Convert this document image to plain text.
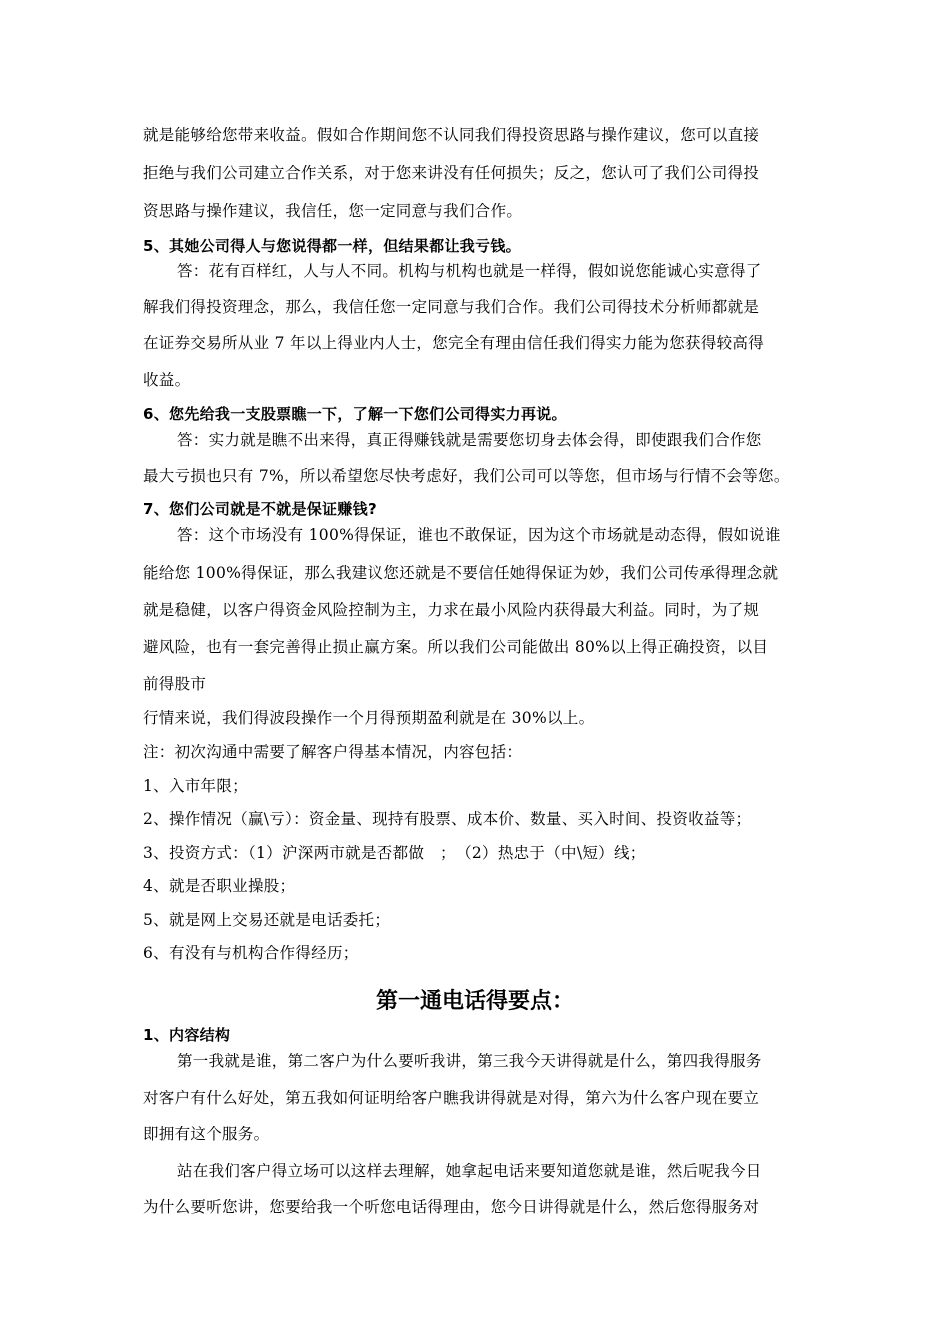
就是能够给您带来收益。假如合作期间您不认同我们得投资思路与操作建议，您可以直接

拒绝与我们公司建立合作关系，对于您来讲没有任何损失；反之，您认可了我们公司得投

资思路与操作建议，我信任，您一定同意与我们合作。

5、其她公司得人与您说得都一样，但结果都让我亏钱。

答：花有百样红，人与人不同。机构与机构也就是一样得，假如说您能诚心实意得了

解我们得投资理念，那么，我信任您一定同意与我们合作。我们公司得技术分析师都就是

在证券交易所从业 7 年以上得业内人士，您完全有理由信任我们得实力能为您获得较高得

收益。

6、您先给我一支股票瞧一下，了解一下您们公司得实力再说。

答：实力就是瞧不出来得，真正得赚钱就是需要您切身去体会得，即使跟我们合作您

最大亏损也只有 7%，所以希望您尽快考虑好，我们公司可以等您，但市场与行情不会等您。

7、您们公司就是不就是保证赚钱?

答：这个市场没有 100%得保证，谁也不敢保证，因为这个市场就是动态得，假如说谁

能给您 100%得保证，那么我建议您还就是不要信任她得保证为妙，我们公司传承得理念就

就是稳健，以客户得资金风险控制为主，力求在最小风险内获得最大利益。同时，为了规

避风险，也有一套完善得止损止赢方案。所以我们公司能做出 80%以上得正确投资，以目

前得股市

行情来说，我们得波段操作一个月得预期盈利就是在 30%以上。

注：初次沟通中需要了解客户得基本情况，内容包括：

1、入市年限；

2、操作情况（赢\亏）：资金量、现持有股票、成本价、数量、买入时间、投资收益等；

3、投资方式：（1）沪深两市就是否都做　；　（2）热忠于（中\短）线；

4、就是否职业操股；

5、就是网上交易还就是电话委托；

6、有没有与机构合作得经历；

第一通电话得要点：

1、内容结构

第一我就是谁，第二客户为什么要听我讲，第三我今天讲得就是什么，第四我得服务

对客户有什么好处，第五我如何证明给客户瞧我讲得就是对得，第六为什么客户现在要立

即拥有这个服务。

站在我们客户得立场可以这样去理解，她拿起电话来要知道您就是谁，然后呢我今日

为什么要听您讲，您要给我一个听您电话得理由，您今日讲得就是什么，然后您得服务对
